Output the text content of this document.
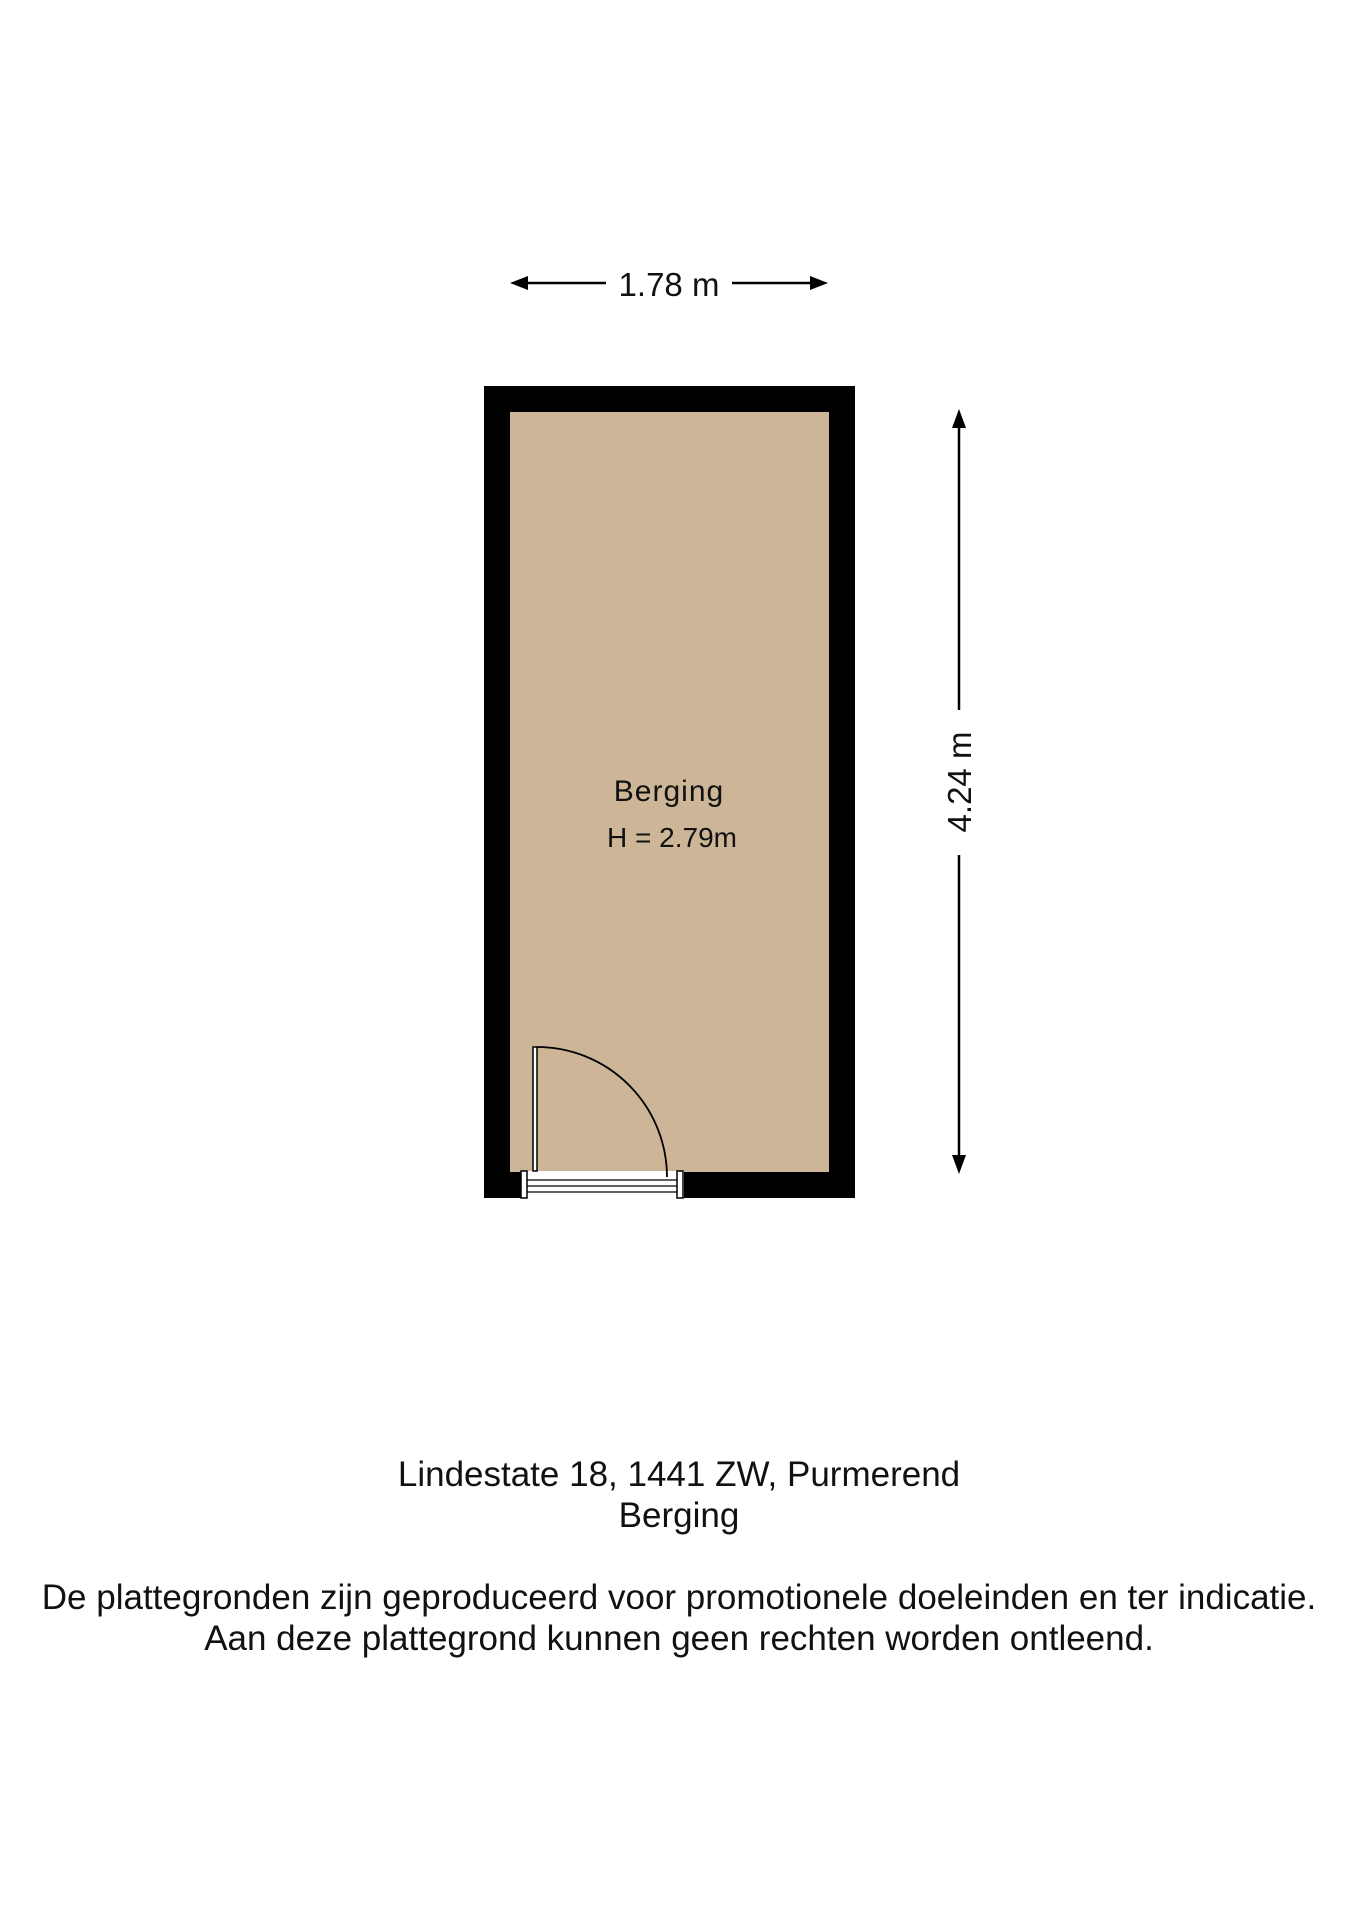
1.78 m
4.24 m
Berging
H = 2.79m
Lindestate 18, 1441 ZW, Purmerend
Berging
De plattegronden zijn geproduceerd voor promotionele doeleinden en ter indicatie.
Aan deze plattegrond kunnen geen rechten worden ontleend.
